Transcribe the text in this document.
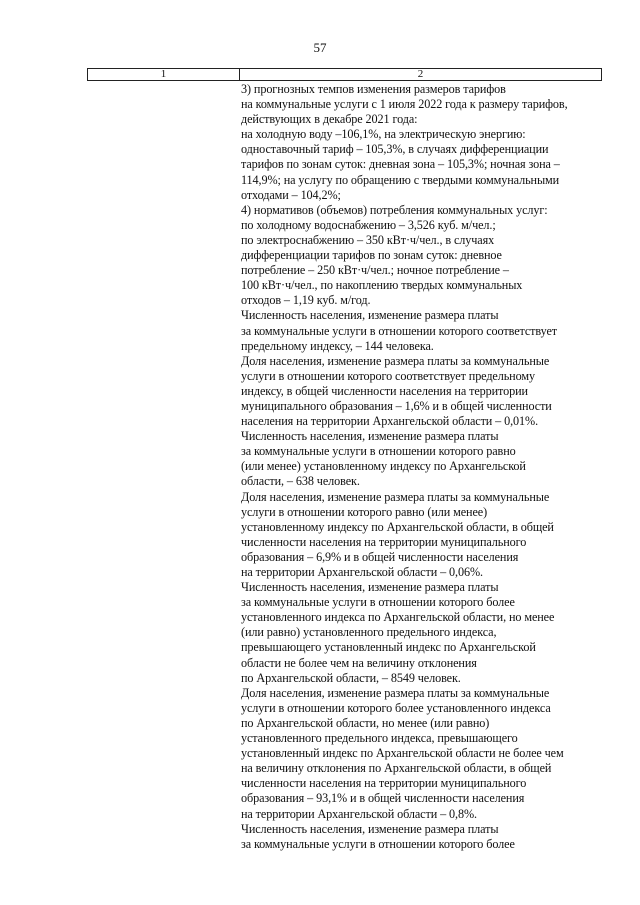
57
1	2
3) прогнозных темпов изменения размеров тарифов
на коммунальные услуги с 1 июля 2022 года к размеру тарифов,
действующих в декабре 2021 года:
на холодную воду –106,1%, на электрическую энергию:
одноставочный тариф – 105,3%, в случаях дифференциации
тарифов по зонам суток: дневная зона – 105,3%; ночная зона –
114,9%; на услугу по обращению с твердыми коммунальными
отходами – 104,2%;
4) нормативов (объемов) потребления коммунальных услуг:
по холодному водоснабжению – 3,526 куб. м/чел.;
по электроснабжению – 350 кВт·ч/чел., в случаях
дифференциации тарифов по зонам суток: дневное
потребление – 250 кВт·ч/чел.; ночное потребление –
100 кВт·ч/чел., по накоплению твердых коммунальных
отходов – 1,19 куб. м/год.
Численность населения, изменение размера платы
за коммунальные услуги в отношении которого соответствует
предельному индексу, – 144 человека.
Доля населения, изменение размера платы за коммунальные
услуги в отношении которого соответствует предельному
индексу, в общей численности населения на территории
муниципального образования – 1,6% и в общей численности
населения на территории Архангельской области – 0,01%.
Численность населения, изменение размера платы
за коммунальные услуги в отношении которого равно
(или менее) установленному индексу по Архангельской
области, – 638 человек.
Доля населения, изменение размера платы за коммунальные
услуги в отношении которого равно (или менее)
установленному индексу по Архангельской области, в общей
численности населения на территории муниципального
образования – 6,9% и в общей численности населения
на территории Архангельской области – 0,06%.
Численность населения, изменение размера платы
за коммунальные услуги в отношении которого более
установленного индекса по Архангельской области, но менее
(или равно) установленного предельного индекса,
превышающего установленный индекс по Архангельской
области не более чем на величину отклонения
по Архангельской области, – 8549 человек.
Доля населения, изменение размера платы за коммунальные
услуги в отношении которого более установленного индекса
по Архангельской области, но менее (или равно)
установленного предельного индекса, превышающего
установленный индекс по Архангельской области не более чем
на величину отклонения по Архангельской области, в общей
численности населения на территории муниципального
образования – 93,1% и в общей численности населения
на территории Архангельской области – 0,8%.
Численность населения, изменение размера платы
за коммунальные услуги в отношении которого более
